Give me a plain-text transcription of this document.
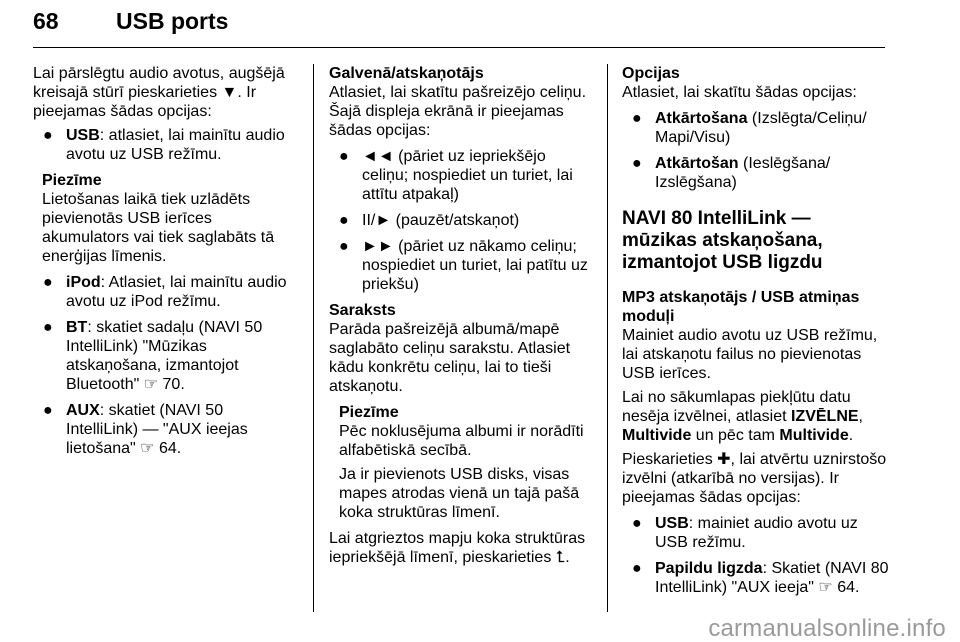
68 USB ports

Lai pārslēgtu audio avotus, augšējā kreisajā stūrī pieskarieties ▼. Ir pieejamas šādas opcijas:

● USB: atlasiet, lai mainītu audio avotu uz USB režīmu.

Piezīme

Lietošanas laikā tiek uzlādēts pievienotās USB ierīces akumulators vai tiek saglabāts tā enerģijas līmenis.

● iPod: Atlasiet, lai mainītu audio avotu uz iPod režīmu.
● BT: skatiet sadaļu (NAVI 50 IntelliLink) "Mūzikas atskaņošana, izmantojot Bluetooth" ☞ 70.
● AUX: skatiet (NAVI 50 IntelliLink) — "AUX ieejas lietošana" ☞ 64.

Galvenā/atskaņotājs

Atlasiet, lai skatītu pašreizējo celiņu. Šajā displeja ekrānā ir pieejamas šādas opcijas:

● ◄◄ (pāriet uz iepriekšējo celiņu; nospiediet un turiet, lai attītu atpakaļ)
● II/► (pauzēt/atskaņot)
● ►► (pāriet uz nākamo celiņu; nospiediet un turiet, lai patītu uz priekšu)

Saraksts

Parāda pašreizējā albumā/mapē saglabāto celiņu sarakstu. Atlasiet kādu konkrētu celiņu, lai to tieši atskaņotu.

Piezīme

Pēc noklusējuma albumi ir norādīti alfabētiskā secībā.

Ja ir pievienots USB disks, visas mapes atrodas vienā un tajā pašā koka struktūras līmenī.

Lai atgrieztos mapju koka struktūras iepriekšējā līmenī, pieskarieties ⮤.

Opcijas

Atlasiet, lai skatītu šādas opcijas:

● Atkārtošana (Izslēgta/Celiņu/ Mapi/Visu)
● Atkārtošan (Ieslēgšana/ Izslēgšana)
NAVI 80 IntelliLink — mūzikas atskaņošana, izmantojot USB ligzdu
MP3 atskaņotājs / USB atmiņas moduļi

Mainiet audio avotu uz USB režīmu, lai atskaņotu failus no pievienotas USB ierīces.

Lai no sākumlapas piekļūtu datu nesēja izvēlnei, atlasiet IZVĒLNE, Multivide un pēc tam Multivide.

Pieskarieties ✚, lai atvērtu uznirstošo izvēlni (atkarībā no versijas). Ir pieejamas šādas opcijas:

● USB: mainiet audio avotu uz USB režīmu.
● Papildu ligzda: Skatiet (NAVI 80 IntelliLink) "AUX ieeja" ☞ 64.
carmanualsonline.info
